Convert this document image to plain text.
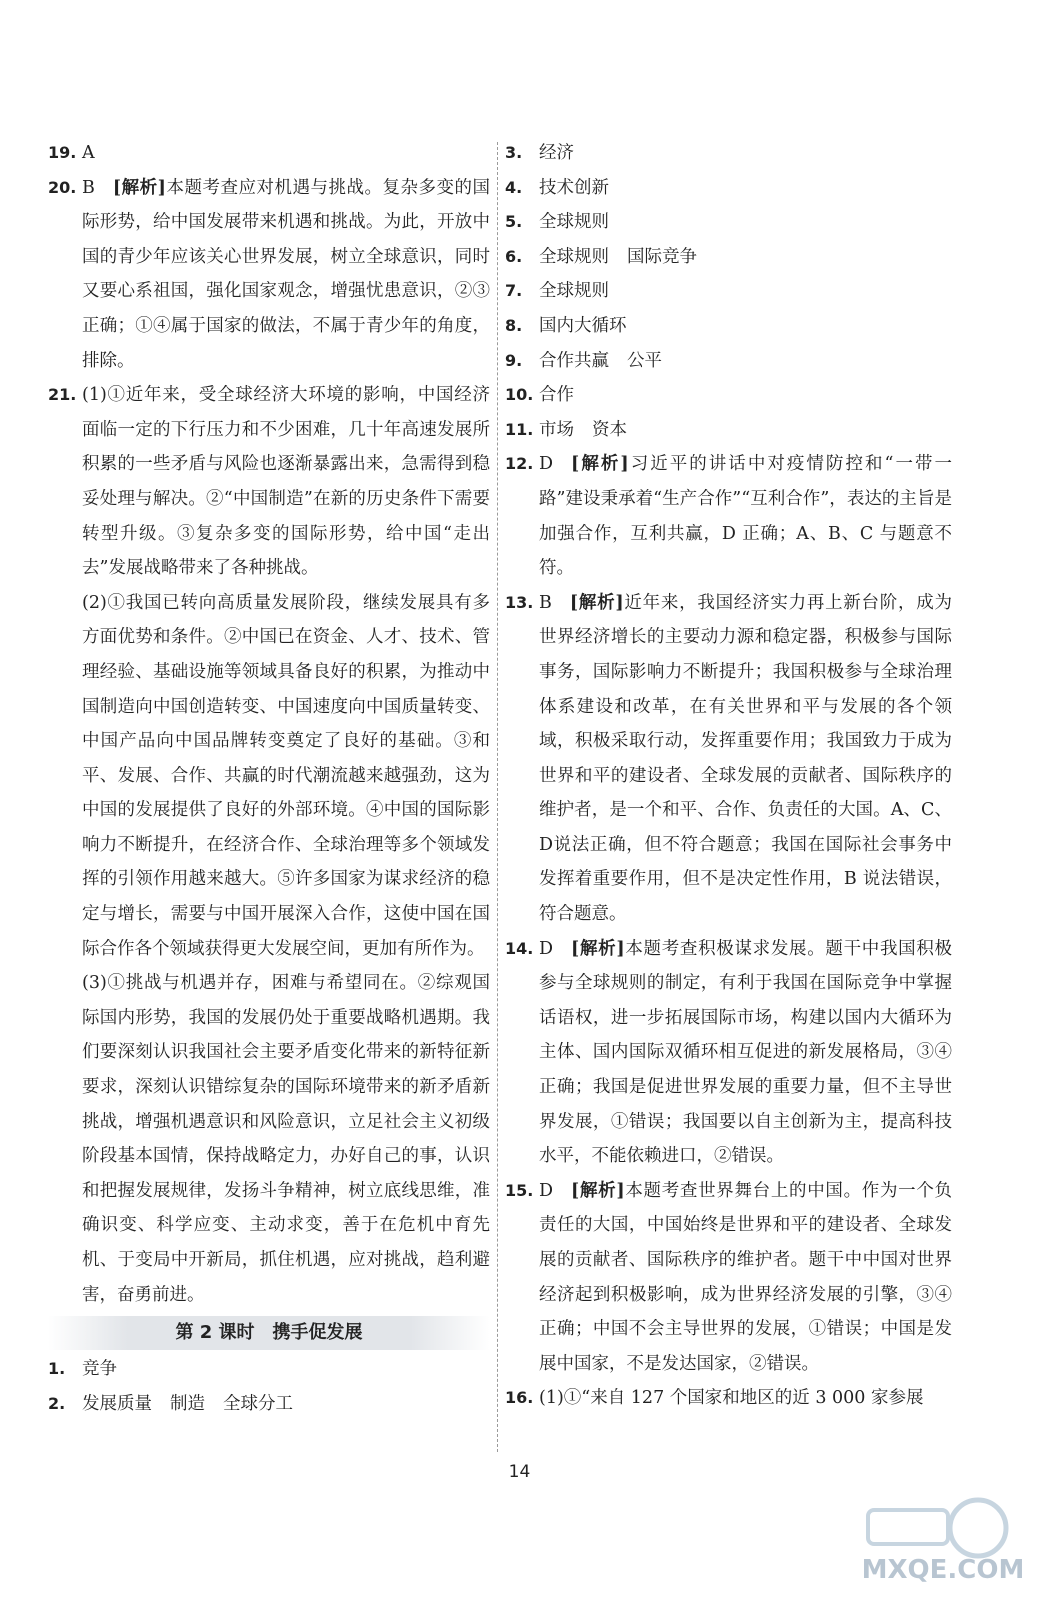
19. A
20. B [解析]本题考查应对机遇与挑战。复杂多变的国际形势，给中国发展带来机遇和挑战。为此，开放中国的青少年应该关心世界发展，树立全球意识，同时又要心系祖国，强化国家观念，增强忧患意识，②③正确；①④属于国家的做法，不属于青少年的角度，排除。
21. (1)①近年来，受全球经济大环境的影响，中国经济面临一定的下行压力和不少困难，几十年高速发展所积累的一些矛盾与风险也逐渐暴露出来，急需得到稳妥处理与解决。②“中国制造”在新的历史条件下需要转型升级。③复杂多变的国际形势，给中国“走出去”发展战略带来了各种挑战。

(2)①我国已转向高质量发展阶段，继续发展具有多方面优势和条件。②中国已在资金、人才、技术、管理经验、基础设施等领域具备良好的积累，为推动中国制造向中国创造转变、中国速度向中国质量转变、中国产品向中国品牌转变奠定了良好的基础。③和平、发展、合作、共赢的时代潮流越来越强劲，这为中国的发展提供了良好的外部环境。④中国的国际影响力不断提升，在经济合作、全球治理等多个领域发挥的引领作用越来越大。⑤许多国家为谋求经济的稳定与增长，需要与中国开展深入合作，这使中国在国际合作各个领域获得更大发展空间，更加有所作为。

(3)①挑战与机遇并存，困难与希望同在。②综观国际国内形势，我国的发展仍处于重要战略机遇期。我们要深刻认识我国社会主要矛盾变化带来的新特征新要求，深刻认识错综复杂的国际环境带来的新矛盾新挑战，增强机遇意识和风险意识，立足社会主义初级阶段基本国情，保持战略定力，办好自己的事，认识和把握发展规律，发扬斗争精神，树立底线思维，准确识变、科学应变、主动求变，善于在危机中育先机、于变局中开新局，抓住机遇，应对挑战，趋利避害，奋勇前进。

第 2 课时　携手促发展
1. 竞争
2. 发展质量 制造 全球分工
3. 经济
4. 技术创新
5. 全球规则
6. 全球规则 国际竞争
7. 全球规则
8. 国内大循环
9. 合作共赢 公平
10. 合作
11. 市场 资本
12. D [解析]习近平的讲话中对疫情防控和“一带一路”建设秉承着“生产合作”“互利合作”，表达的主旨是加强合作，互利共赢，D 正确；A、B、C 与题意不符。
13. B [解析]近年来，我国经济实力再上新台阶，成为世界经济增长的主要动力源和稳定器，积极参与国际事务，国际影响力不断提升；我国积极参与全球治理体系建设和改革，在有关世界和平与发展的各个领域，积极采取行动，发挥重要作用；我国致力于成为世界和平的建设者、全球发展的贡献者、国际秩序的维护者，是一个和平、合作、负责任的大国。A、C、D说法正确，但不符合题意；我国在国际社会事务中发挥着重要作用，但不是决定性作用，B 说法错误，符合题意。
14. D [解析]本题考查积极谋求发展。题干中我国积极参与全球规则的制定，有利于我国在国际竞争中掌握话语权，进一步拓展国际市场，构建以国内大循环为主体、国内国际双循环相互促进的新发展格局，③④正确；我国是促进世界发展的重要力量，但不主导世界发展，①错误；我国要以自主创新为主，提高科技水平，不能依赖进口，②错误。
15. D [解析]本题考查世界舞台上的中国。作为一个负责任的大国，中国始终是世界和平的建设者、全球发展的贡献者、国际秩序的维护者。题干中中国对世界经济起到积极影响，成为世界经济发展的引擎，③④正确；中国不会主导世界的发展，①错误；中国是发展中国家，不是发达国家，②错误。
16. (1)①“来自 127 个国家和地区的近 3 000 家参展
14
MXQE.COM
